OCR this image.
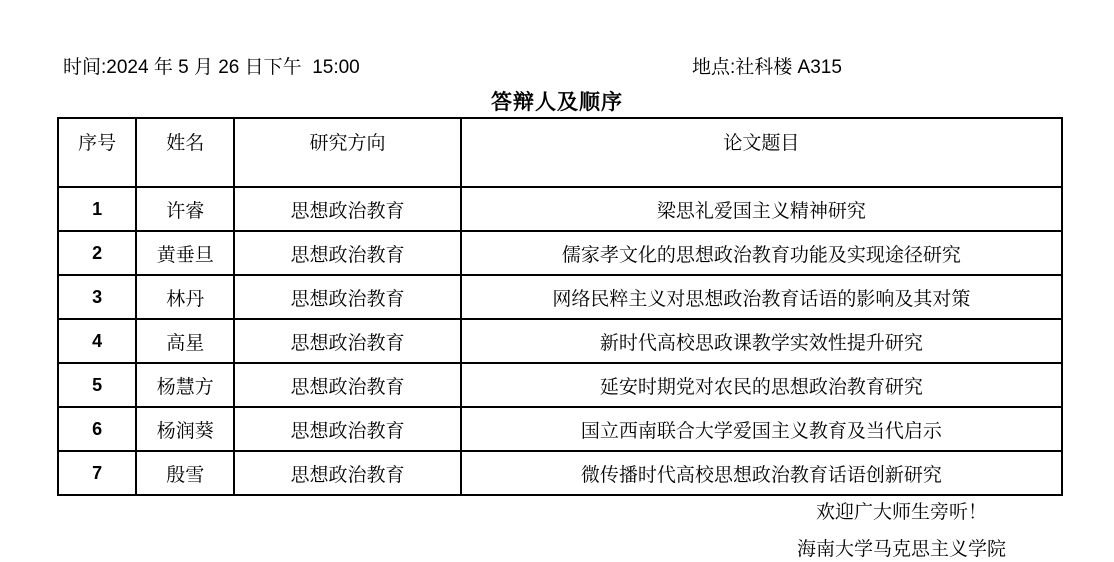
时间:2024 年 5 月 26 日下午  15:00	地点:社科楼 A315
答辩人及顺序
序号	姓名	研究方向	论文题目
1	许睿	思想政治教育	梁思礼爱国主义精神研究
2	黄垂旦	思想政治教育	儒家孝文化的思想政治教育功能及实现途径研究
3	林丹	思想政治教育	网络民粹主义对思想政治教育话语的影响及其对策
4	高星	思想政治教育	新时代高校思政课教学实效性提升研究
5	杨慧方	思想政治教育	延安时期党对农民的思想政治教育研究
6	杨润葵	思想政治教育	国立西南联合大学爱国主义教育及当代启示
7	殷雪	思想政治教育	微传播时代高校思想政治教育话语创新研究
欢迎广大师生旁听！
海南大学马克思主义学院
